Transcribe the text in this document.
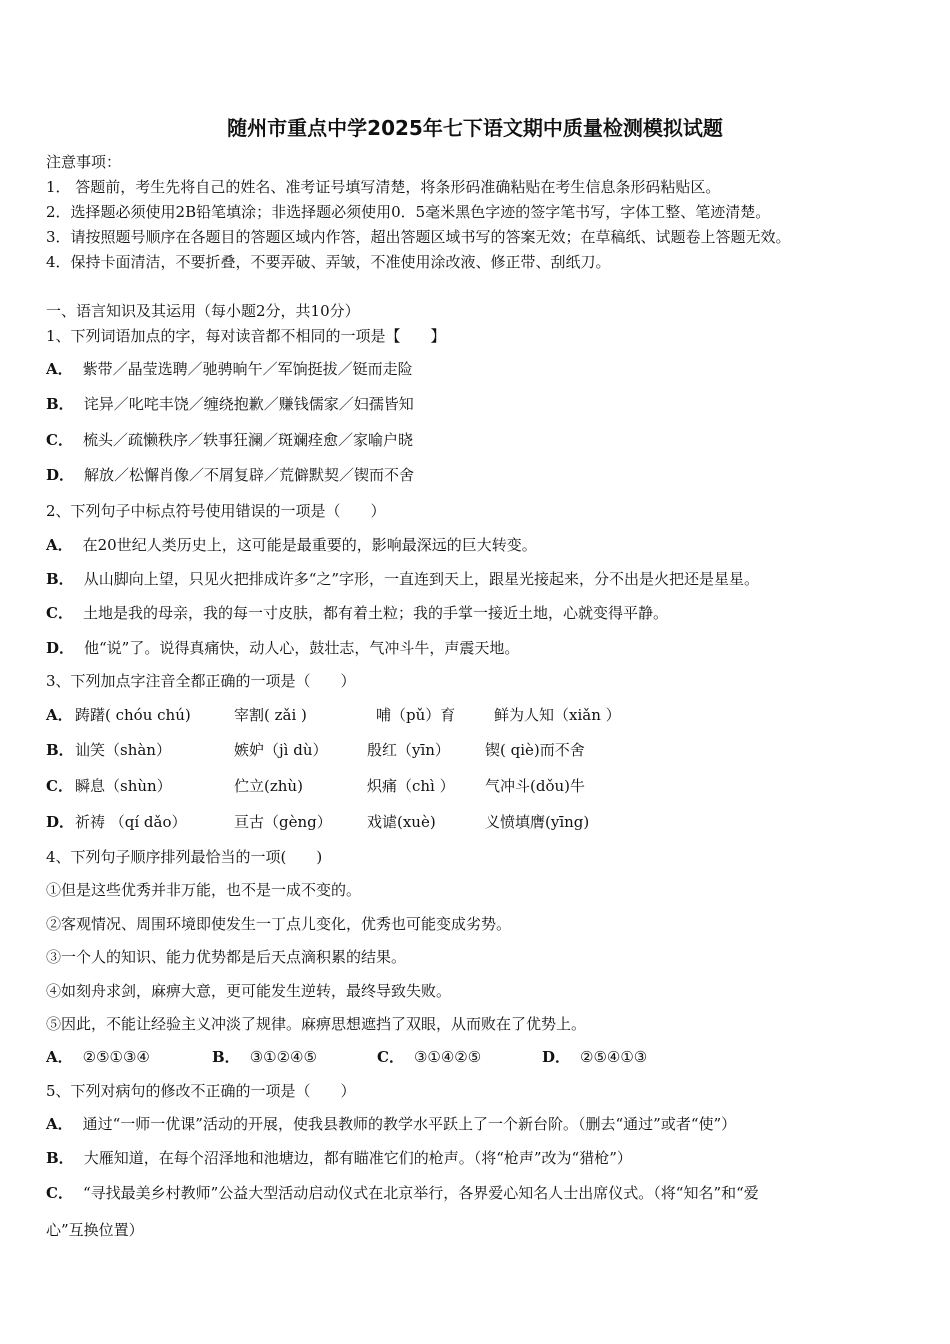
随州市重点中学2025年七下语文期中质量检测模拟试题
注意事项：
1． 答题前，考生先将自己的姓名、准考证号填写清楚，将条形码准确粘贴在考生信息条形码粘贴区。
2．选择题必须使用2B铅笔填涂；非选择题必须使用0．5毫米黑色字迹的签字笔书写，字体工整、笔迹清楚。
3．请按照题号顺序在各题目的答题区域内作答，超出答题区域书写的答案无效；在草稿纸、试题卷上答题无效。
4．保持卡面清洁，不要折叠，不要弄破、弄皱，不准使用涂改液、修正带、刮纸刀。
一、语言知识及其运用（每小题2分，共10分）
1、下列词语加点的字，每对读音都不相同的一项是【　　】
A． 紫带／晶莹选聘／驰骋晌午／军饷挺拔／铤而走险
B． 诧异／叱咤丰饶／缠绕抱歉／赚钱儒家／妇孺皆知
C． 梳头／疏懒秩序／轶事狂澜／斑斓痊愈／家喻户晓
D． 解放／松懈肖像／不屑复辟／荒僻默契／锲而不舍
2、下列句子中标点符号使用错误的一项是（　　）
A． 在20世纪人类历史上，这可能是最重要的，影响最深远的巨大转变。
B． 从山脚向上望，只见火把排成许多“之”字形，一直连到天上，跟星光接起来，分不出是火把还是星星。
C． 土地是我的母亲，我的每一寸皮肤，都有着土粒；我的手掌一接近土地，心就变得平静。
D． 他“说”了。说得真痛快，动人心，鼓壮志，气冲斗牛，声震天地。
3、下列加点字注音全都正确的一项是（　　）
A． 踌躇( chóu chú)	宰割( zǎi )	哺（pǔ）育	鲜为人知（xiǎn ）
B． 讪笑（shàn）	嫉妒（jì dù）	殷红（yīn） 锲( qiè)而不舍
C． 瞬息（shùn）	伫立(zhù)	炽痛（chì ） 气冲斗(dǒu)牛
D． 祈祷 （qí dǎo）	亘古（gèng） 戏谑(xuè)	义愤填膺(yīng)
4、下列句子顺序排列最恰当的一项(　　)
①但是这些优秀并非万能，也不是一成不变的。
②客观情况、周围环境即使发生一丁点儿变化，优秀也可能变成劣势。
③一个人的知识、能力优势都是后天点滴积累的结果。
④如刻舟求剑，麻痹大意，更可能发生逆转，最终导致失败。
⑤因此，不能让经验主义冲淡了规律。麻痹思想遮挡了双眼，从而败在了优势上。
A． ②⑤①③④	B． ③①②④⑤	C． ③①④②⑤	D． ②⑤④①③
5、下列对病句的修改不正确的一项是（　　）
A． 通过“一师一优课”活动的开展，使我县教师的教学水平跃上了一个新台阶。（删去“通过”或者“使”）
B． 大雁知道，在每个沼泽地和池塘边，都有瞄准它们的枪声。（将“枪声”改为“猎枪”）
C． “寻找最美乡村教师”公益大型活动启动仪式在北京举行，各界爱心知名人士出席仪式。（将“知名”和“爱
心”互换位置）
